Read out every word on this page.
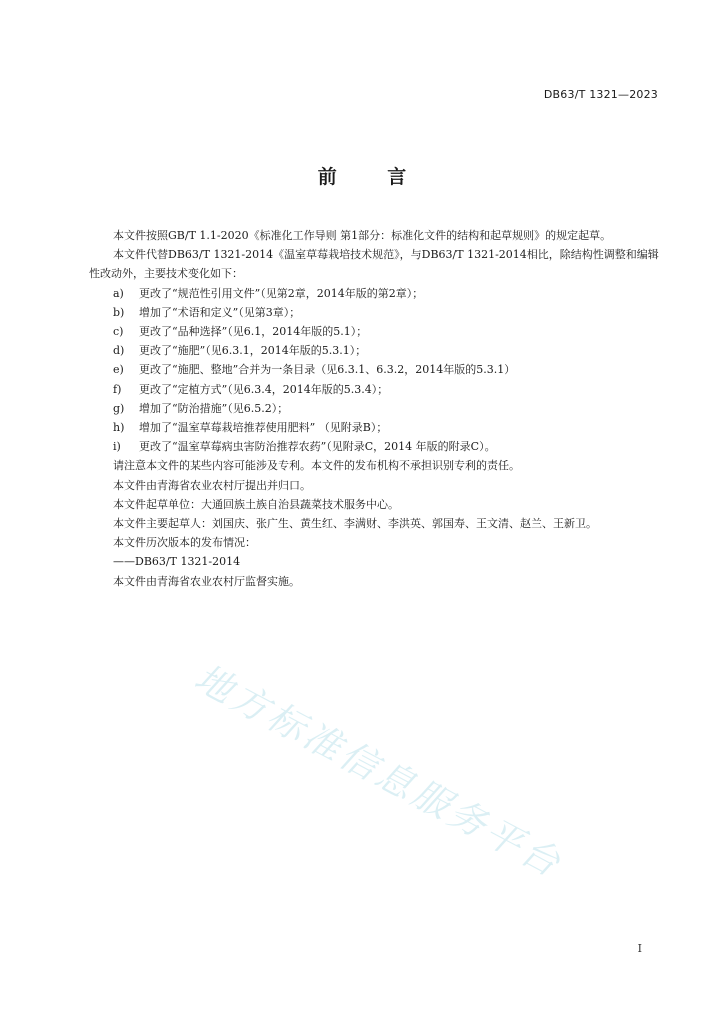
DB63/T 1321—2023
前 言

本文件按照GB/T 1.1-2020《标准化工作导则 第1部分：标准化文件的结构和起草规则》的规定起草。

本文件代替DB63/T 1321-2014《温室草莓栽培技术规范》，与DB63/T 1321-2014相比，除结构性调整和编辑性改动外，主要技术变化如下：

a) 更改了“规范性引用文件”（见第2章，2014年版的第2章）；

b) 增加了“术语和定义”（见第3章）；

c) 更改了“品种选择”（见6.1，2014年版的5.1）；

d) 更改了“施肥”（见6.3.1，2014年版的5.3.1）；

e) 更改了“施肥、整地”合并为一条目录（见6.3.1、6.3.2，2014年版的5.3.1）

f) 更改了“定植方式”（见6.3.4，2014年版的5.3.4）；

g) 增加了“防治措施”（见6.5.2）；

h) 增加了“温室草莓栽培推荐使用肥料” （见附录B）；

i) 更改了“温室草莓病虫害防治推荐农药”（见附录C，2014 年版的附录C）。

请注意本文件的某些内容可能涉及专利。本文件的发布机构不承担识别专利的责任。

本文件由青海省农业农村厅提出并归口。

本文件起草单位：大通回族土族自治县蔬菜技术服务中心。

本文件主要起草人：刘国庆、张广生、黄生红、李满财、李洪英、郭国寿、王文清、赵兰、王新卫。

本文件历次版本的发布情况：

——DB63/T 1321-2014

本文件由青海省农业农村厅监督实施。

地方标准信息服务平台
I
